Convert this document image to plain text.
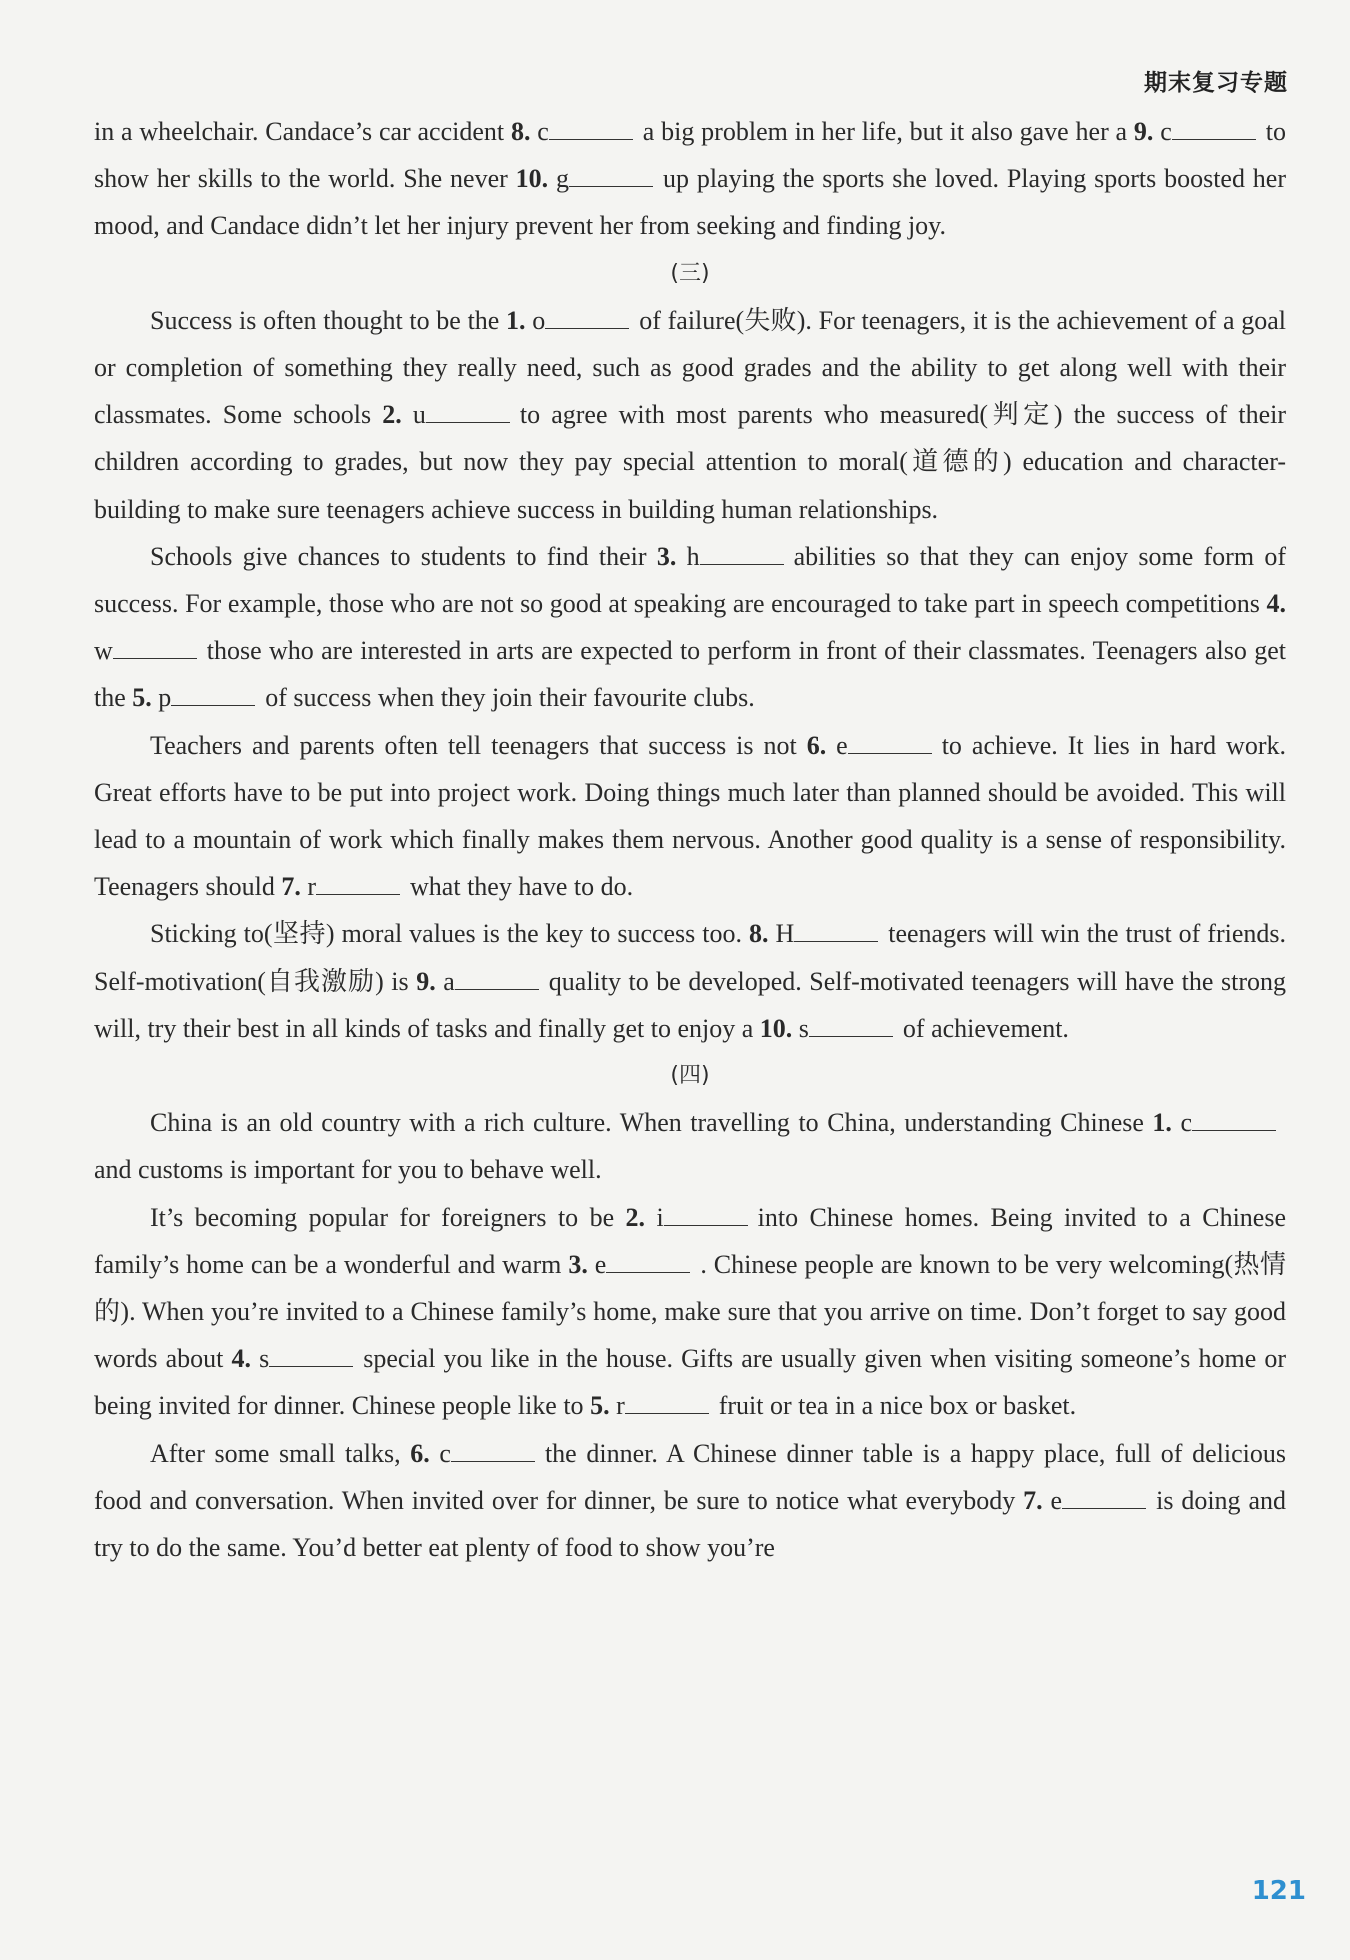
期末复习专题

in a wheelchair. Candace’s car accident 8. c	a big problem in her life, but it also gave her a 9. c	to show her skills to the world. She never 10. g	up playing the sports she loved. Playing sports boosted her mood, and Candace didn’t let her injury prevent her from seeking and finding joy.

(三)

Success is often thought to be the 1. o	of failure(失败). For teenagers, it is the achievement of a goal or completion of something they really need, such as good grades and the ability to get along well with their classmates. Some schools 2. u	to agree with most parents who measured(判定) the success of their children according to grades, but now they pay special attention to moral(道德的) education and character-building to make sure teenagers achieve success in building human relationships.

Schools give chances to students to find their 3. h	abilities so that they can enjoy some form of success. For example, those who are not so good at speaking are encouraged to take part in speech competitions 4. w	those who are interested in arts are expected to perform in front of their classmates. Teenagers also get the 5. p	of success when they join their favourite clubs.

Teachers and parents often tell teenagers that success is not 6. e	to achieve. It lies in hard work. Great efforts have to be put into project work. Doing things much later than planned should be avoided. This will lead to a mountain of work which finally makes them nervous. Another good quality is a sense of responsibility. Teenagers should 7. r	what they have to do.

Sticking to(坚持) moral values is the key to success too. 8. H	teenagers will win the trust of friends. Self-motivation(自我激励) is 9. a	quality to be developed. Self-motivated teenagers will have the strong will, try their best in all kinds of tasks and finally get to enjoy a 10. s	of achievement.

(四)

China is an old country with a rich culture. When travelling to China, understanding Chinese 1. cand customs is important for you to behave well.

It’s becoming popular for foreigners to be 2. i	into Chinese homes. Being invited to a Chinese family’s home can be a wonderful and warm 3. e	. Chinese people are known to be very welcoming(热情的). When you’re invited to a Chinese family’s home, make sure that you arrive on time. Don’t forget to say good words about 4. s	special you like in the house. Gifts are usually given when visiting someone’s home or being invited for dinner. Chinese people like to 5. r	fruit or tea in a nice box or basket.

After some small talks, 6. c	the dinner. A Chinese dinner table is a happy place, full of delicious food and conversation. When invited over for dinner, be sure to notice what everybody 7. e	is doing and try to do the same. You’d better eat plenty of food to show you’re

121
